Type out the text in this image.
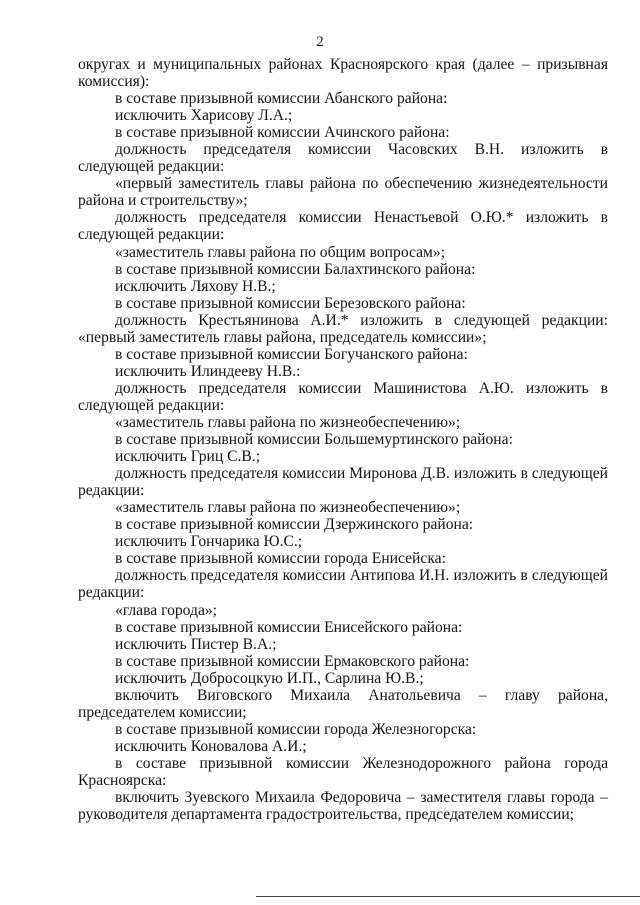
2

округах и муниципальных районах Красноярского края (далее – призывная комиссия):

в составе призывной комиссии Абанского района:

исключить Харисову Л.А.;

в составе призывной комиссии Ачинского района:

должность председателя комиссии Часовских В.Н. изложить в следующей редакции:

«первый заместитель главы района по обеспечению жизнедеятельности района и строительству»;

должность председателя комиссии Ненастьевой О.Ю.* изложить в следующей редакции:

«заместитель главы района по общим вопросам»;

в составе призывной комиссии Балахтинского района:

исключить Ляхову Н.В.;

в составе призывной комиссии Березовского района:

должность Крестьянинова А.И.* изложить в следующей редакции: «первый заместитель главы района, председатель комиссии»;

в составе призывной комиссии Богучанского района:

исключить Илиндееву Н.В.:

должность председателя комиссии Машинистова А.Ю. изложить в следующей редакции:

«заместитель главы района по жизнеобеспечению»;

в составе призывной комиссии Большемуртинского района:

исключить Гриц С.В.;

должность председателя комиссии Миронова Д.В. изложить в следующей редакции:

«заместитель главы района по жизнеобеспечению»;

в составе призывной комиссии Дзержинского района:

исключить Гончарика Ю.С.;

в составе призывной комиссии города Енисейска:

должность председателя комиссии Антипова И.Н. изложить в следующей редакции:

«глава города»;

в составе призывной комиссии Енисейского района:

исключить Пистер В.А.;

в составе призывной комиссии Ермаковского района:

исключить Добросоцкую И.П., Сарлина Ю.В.;

включить Виговского Михаила Анатольевича – главу района, председателем комиссии;

в составе призывной комиссии города Железногорска:

исключить Коновалова А.И.;

в составе призывной комиссии Железнодорожного района города Красноярска:

включить Зуевского Михаила Федоровича – заместителя главы города – руководителя департамента градостроительства, председателем комиссии;
